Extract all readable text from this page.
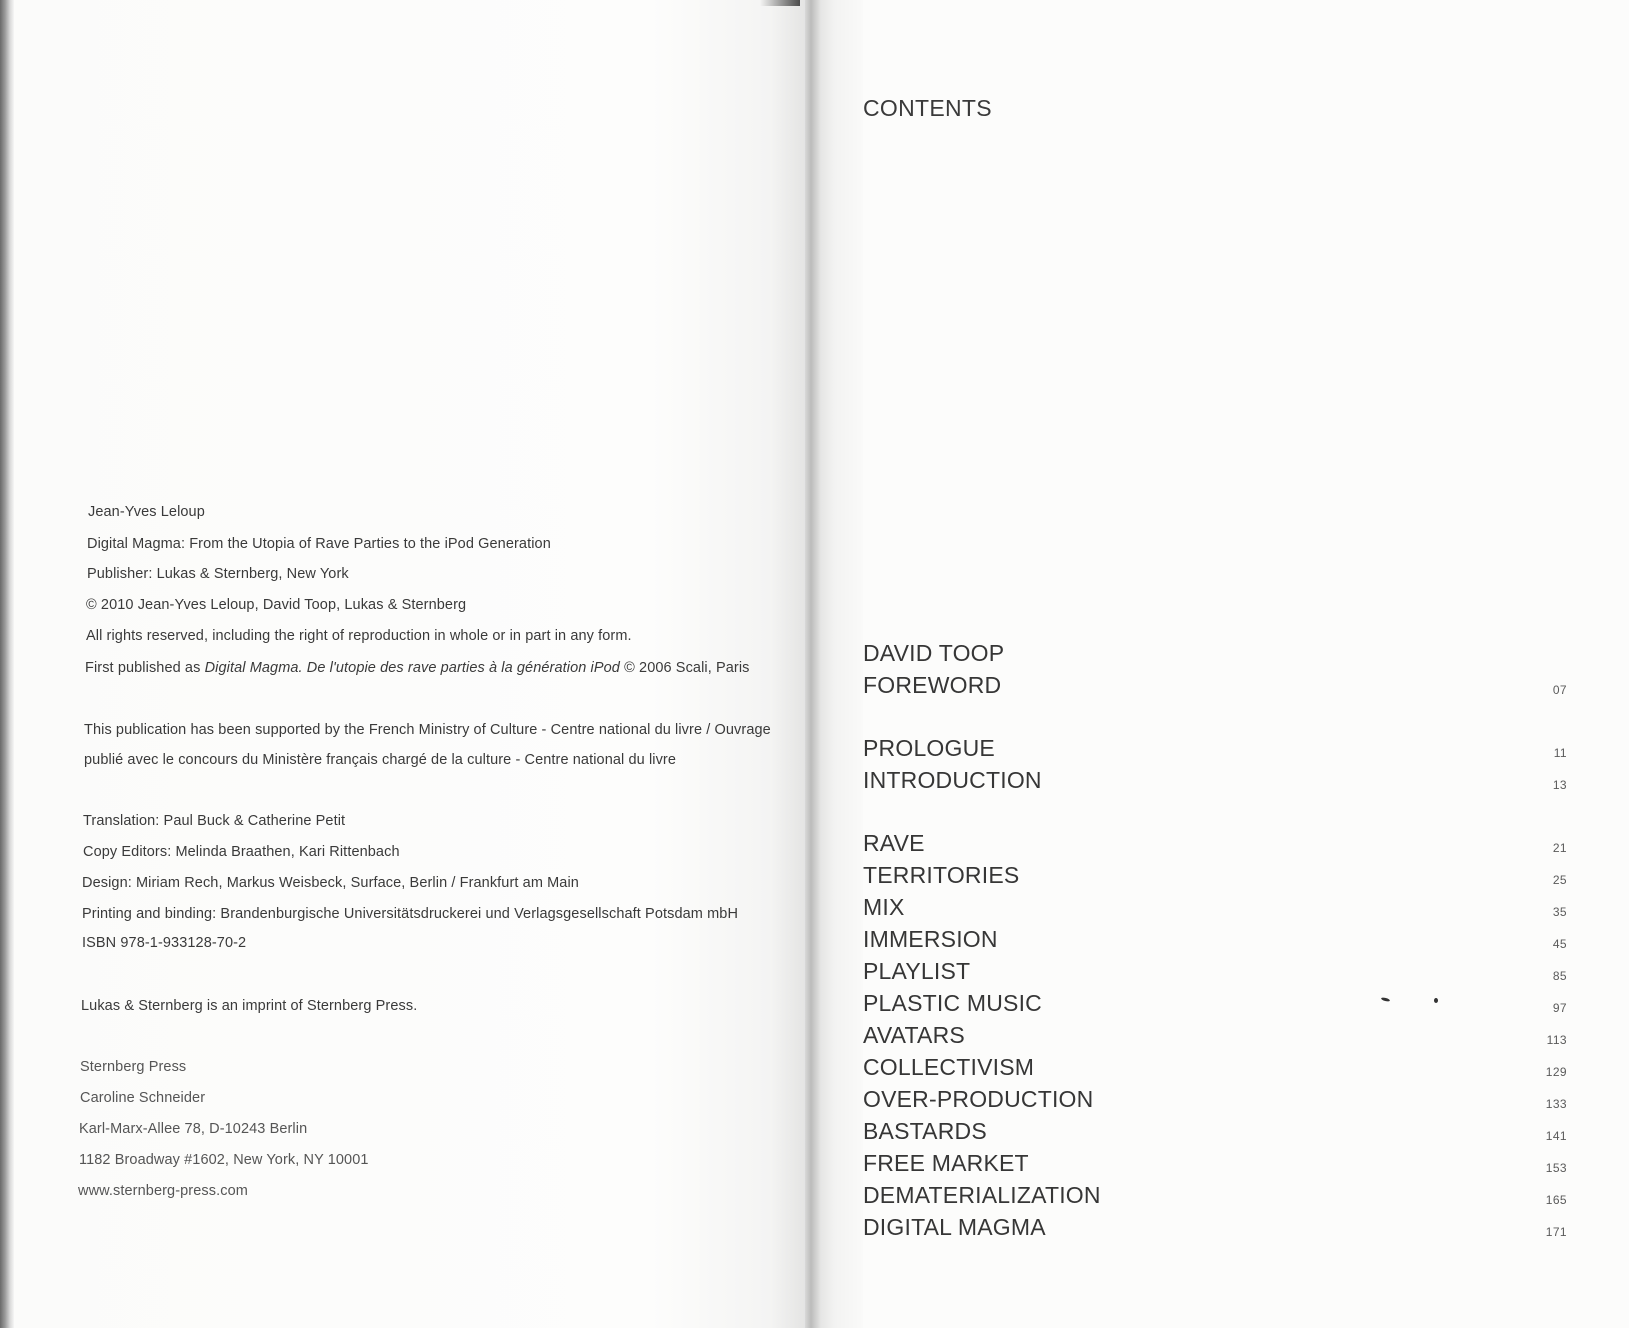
Jean-Yves Leloup
Digital Magma: From the Utopia of Rave Parties to the iPod Generation
Publisher: Lukas & Sternberg, New York
© 2010 Jean-Yves Leloup, David Toop, Lukas & Sternberg
All rights reserved, including the right of reproduction in whole or in part in any form.
First published as Digital Magma. De l'utopie des rave parties à la génération iPod © 2006 Scali, Paris
This publication has been supported by the French Ministry of Culture - Centre national du livre / Ouvrage
publié avec le concours du Ministère français chargé de la culture - Centre national du livre
Translation: Paul Buck & Catherine Petit
Copy Editors: Melinda Braathen, Kari Rittenbach
Design: Miriam Rech, Markus Weisbeck, Surface, Berlin / Frankfurt am Main
Printing and binding: Brandenburgische Universitätsdruckerei und Verlagsgesellschaft Potsdam mbH
ISBN 978-1-933128-70-2
Lukas & Sternberg is an imprint of Sternberg Press.
Sternberg Press
Caroline Schneider
Karl-Marx-Allee 78, D-10243 Berlin
1182 Broadway #1602, New York, NY 10001
www.sternberg-press.com
CONTENTS
DAVID TOOP
FOREWORD	07
PROLOGUE	11
INTRODUCTION	13
RAVE	21
TERRITORIES	25
MIX	35
IMMERSION	45
PLAYLIST	85
PLASTIC MUSIC	97
AVATARS	113
COLLECTIVISM	129
OVER-PRODUCTION	133
BASTARDS	141
FREE MARKET	153
DEMATERIALIZATION	165
DIGITAL MAGMA	171
